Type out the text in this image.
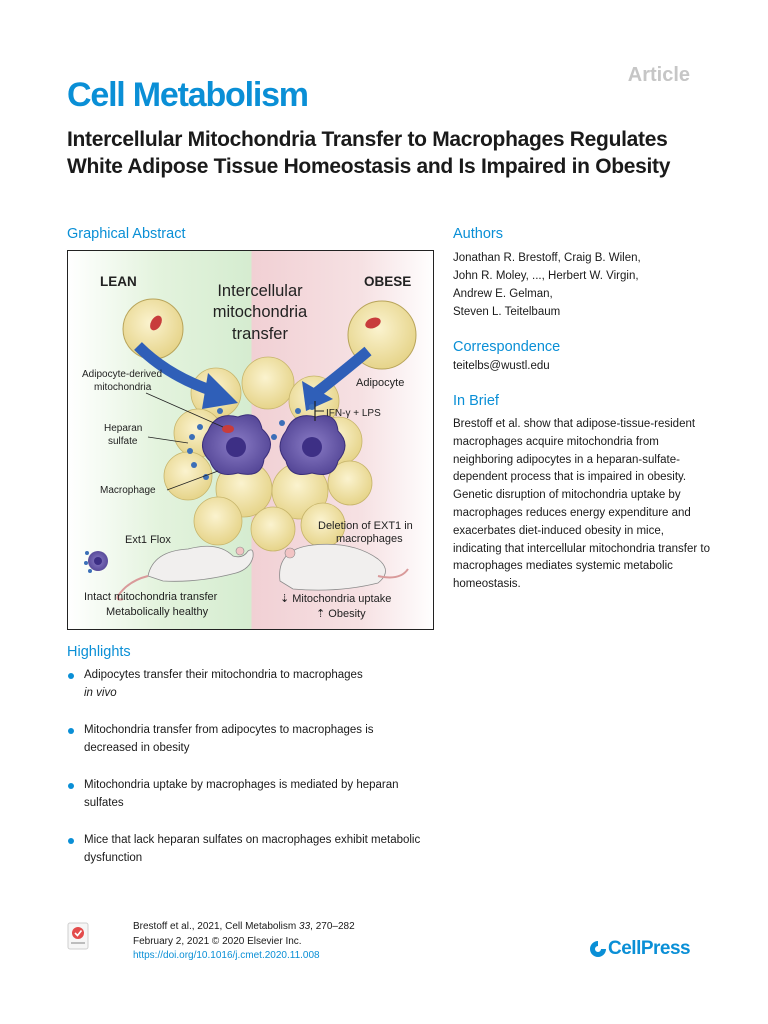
Article
Cell Metabolism
Intercellular Mitochondria Transfer to Macrophages Regulates White Adipose Tissue Homeostasis and Is Impaired in Obesity
Graphical Abstract
LEAN	OBESE
Intercellular
mitochondria
transfer
Adipocyte-derived
mitochondria
Heparan
sulfate
Macrophage
Adipocyte
IFN-γ + LPS
Ext1 Flox
Intact mitochondria transfer
Metabolically healthy
Deletion of EXT1 in
macrophages
⇣ Mitochondria uptake
⇡ Obesity
Authors
Jonathan R. Brestoff, Craig B. Wilen,
John R. Moley, ..., Herbert W. Virgin,
Andrew E. Gelman,
Steven L. Teitelbaum
Correspondence
teitelbs@wustl.edu
In Brief
Brestoff et al. show that adipose-tissue-resident macrophages acquire mitochondria from neighboring adipocytes in a heparan-sulfate-dependent process that is impaired in obesity. Genetic disruption of mitochondria uptake by macrophages reduces energy expenditure and exacerbates diet-induced obesity in mice, indicating that intercellular mitochondria transfer to macrophages mediates systemic metabolic homeostasis.
Highlights
Adipocytes transfer their mitochondria to macrophages
in vivo
Mitochondria transfer from adipocytes to macrophages is decreased in obesity
Mitochondria uptake by macrophages is mediated by heparan sulfates
Mice that lack heparan sulfates on macrophages exhibit metabolic dysfunction
Brestoff et al., 2021, Cell Metabolism 33, 270–282
February 2, 2021 © 2020 Elsevier Inc.
https://doi.org/10.1016/j.cmet.2020.11.008	CellPress
